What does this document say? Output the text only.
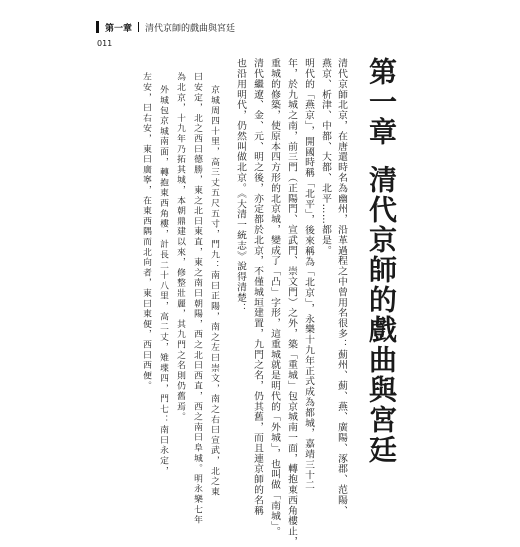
第一章 清代京師的戲曲與宮廷
011
第一章清代京師的戲曲與宮廷
清代京師北京，在唐還時名為幽州，沿革過程之中曾用名很多：薊州、薊、燕、廣陽、涿郡、范陽、
燕京、析津、中都、大都、北平……都是。
明代的「燕京」，開國時稱「北平」，後來稱為「北京」，永樂十九年正式成為都城，嘉靖三十二
年，於九城之南，前三門（正陽門、宣武門、崇文門）之外，築「重城」包京城南一面，轉抱東西角樓止，
重城的修築，使原本四方形的北京城，變成了「凸」字形，這重城就是明代的「外城」，也叫做「南城」。
清代繼遼、金、元、明之後，亦定都於北京，不僅城垣建置，九門之名，仍其舊，而且連京師的名稱
也沿用明代，仍然叫做北京。《大清一統志》說得清楚：
京城周四十里，高三丈五尺五寸，門九：南曰正陽，南之左曰崇文，南之右曰宣武，北之東
曰安定，北之西曰德勝，東之北曰東直，東之南曰朝陽，西之北曰西直，西之南曰阜城。明永樂七年
為北京，十九年乃拓其城，本朝鼎建以來，修整壯麗，其九門之名則仍舊焉。
外城包京城南面，轉抱東西角樓，計長二十八里，高二丈，雉堞四，門七：南曰永定，
左安，曰右安，東曰廣寧，在東西隅而北向者，東曰東便，西曰西便。
